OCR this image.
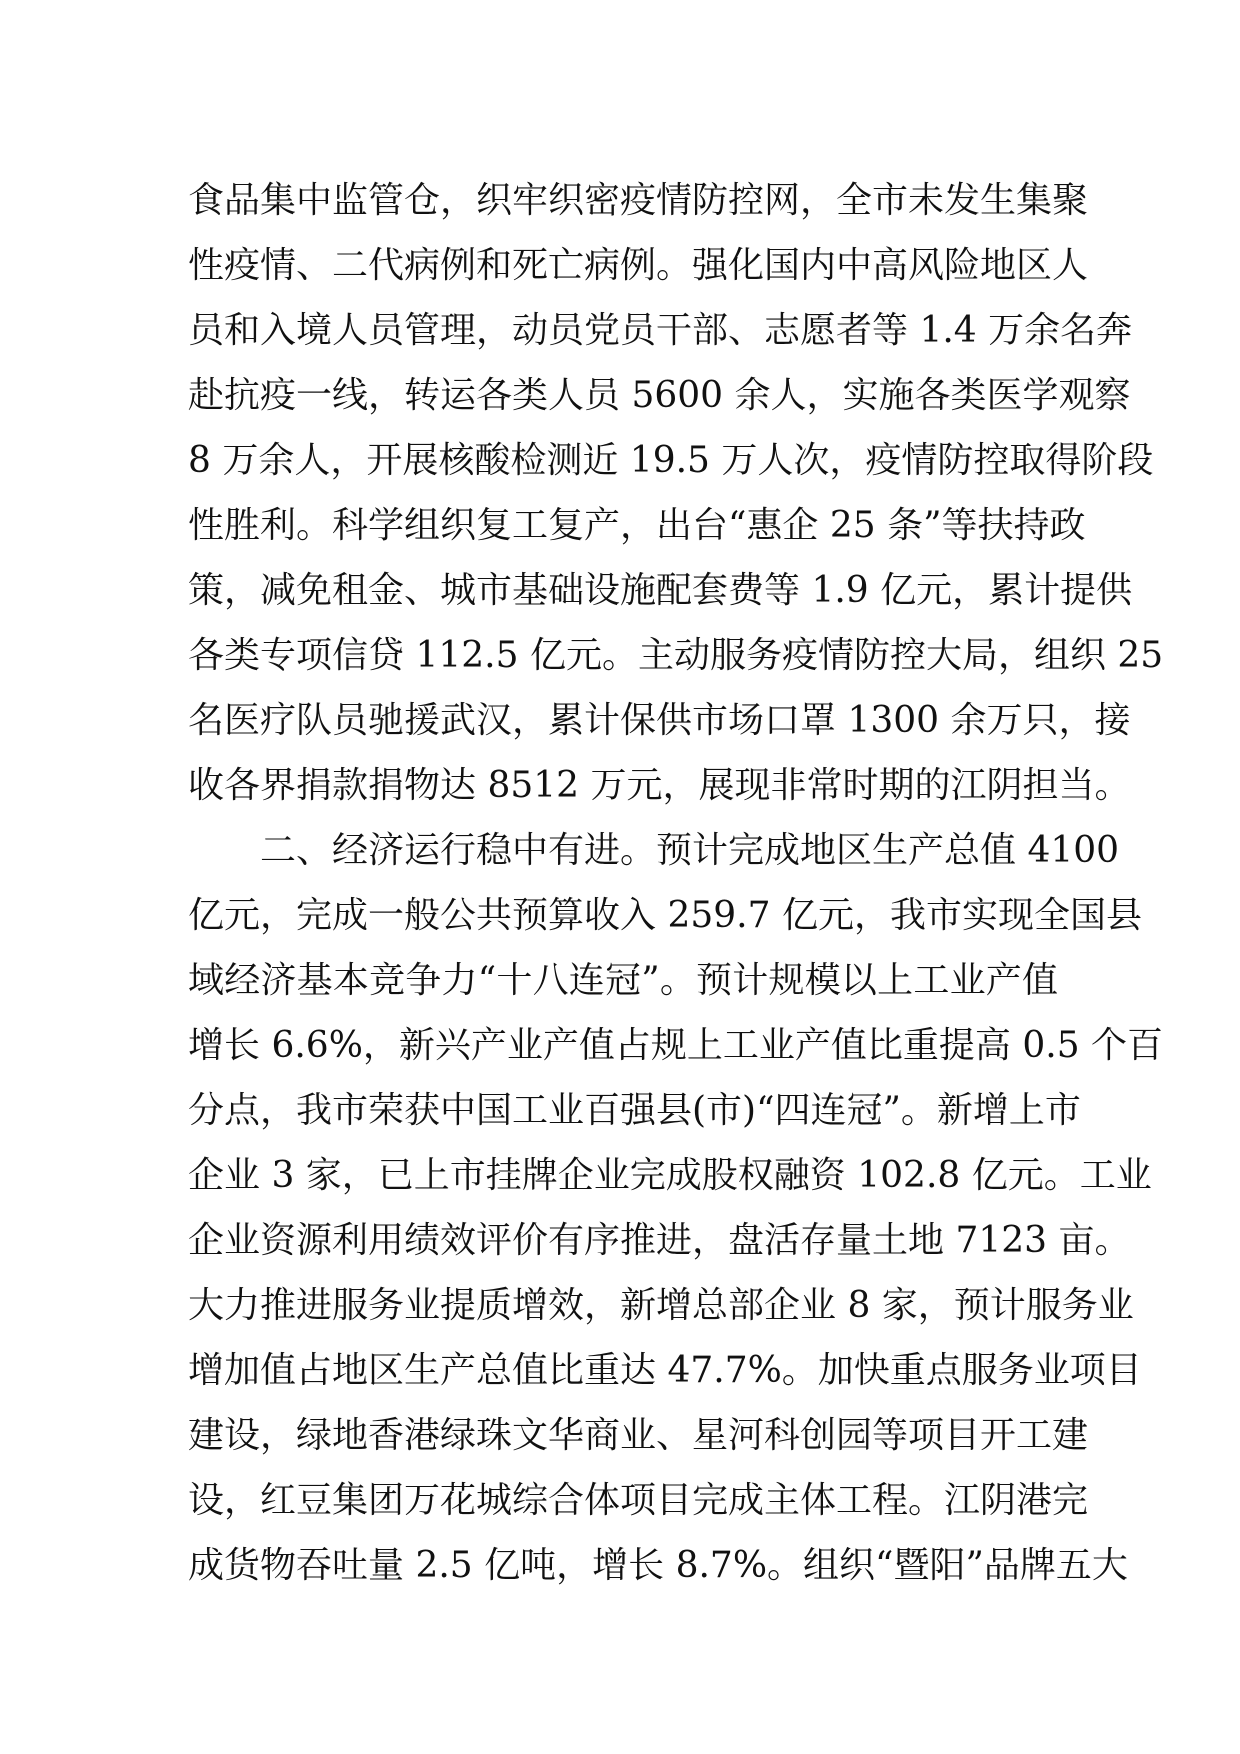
食品集中监管仓，织牢织密疫情防控网，全市未发生集聚
性疫情、二代病例和死亡病例。强化国内中高风险地区人
员和入境人员管理，动员党员干部、志愿者等 1.4 万余名奔
赴抗疫一线，转运各类人员 5600 余人，实施各类医学观察
8 万余人，开展核酸检测近 19.5 万人次，疫情防控取得阶段
性胜利。科学组织复工复产，出台“惠企 25 条”等扶持政
策，减免租金、城市基础设施配套费等 1.9 亿元，累计提供
各类专项信贷 112.5 亿元。主动服务疫情防控大局，组织 25
名医疗队员驰援武汉，累计保供市场口罩 1300 余万只，接
收各界捐款捐物达 8512 万元，展现非常时期的江阴担当。
　　二、经济运行稳中有进。预计完成地区生产总值 4100
亿元，完成一般公共预算收入 259.7 亿元，我市实现全国县
域经济基本竞争力“十八连冠”。预计规模以上工业产值
增长 6.6%，新兴产业产值占规上工业产值比重提高 0.5 个百
分点，我市荣获中国工业百强县(市)“四连冠”。新增上市
企业 3 家，已上市挂牌企业完成股权融资 102.8 亿元。工业
企业资源利用绩效评价有序推进，盘活存量土地 7123 亩。
大力推进服务业提质增效，新增总部企业 8 家，预计服务业
增加值占地区生产总值比重达 47.7%。加快重点服务业项目
建设，绿地香港绿珠文华商业、星河科创园等项目开工建
设，红豆集团万花城综合体项目完成主体工程。江阴港完
成货物吞吐量 2.5 亿吨，增长 8.7%。组织“暨阳”品牌五大
